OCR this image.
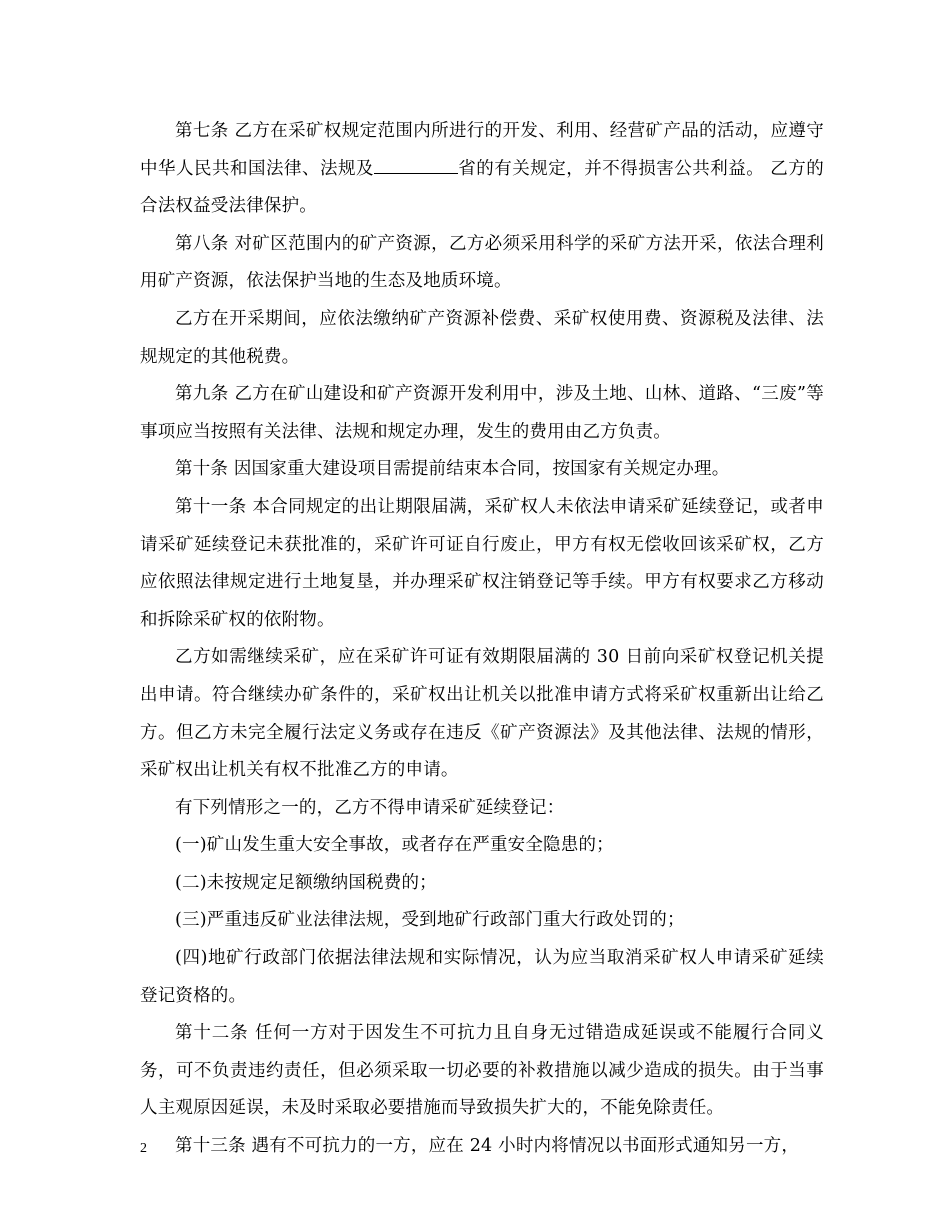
第七条 乙方在采矿权规定范围内所进行的开发、利用、经营矿产品的活动，应遵守中华人民共和国法律、法规及	省的有关规定，并不得损害公共利益。 乙方的合法权益受法律保护。

第八条 对矿区范围内的矿产资源，乙方必须采用科学的采矿方法开采，依法合理利用矿产资源，依法保护当地的生态及地质环境。

乙方在开采期间，应依法缴纳矿产资源补偿费、采矿权使用费、资源税及法律、法规规定的其他税费。

第九条 乙方在矿山建设和矿产资源开发利用中，涉及土地、山林、道路、“三废”等事项应当按照有关法律、法规和规定办理，发生的费用由乙方负责。

第十条 因国家重大建设项目需提前结束本合同，按国家有关规定办理。

第十一条 本合同规定的出让期限届满，采矿权人未依法申请采矿延续登记，或者申请采矿延续登记未获批准的，采矿许可证自行废止，甲方有权无偿收回该采矿权，乙方应依照法律规定进行土地复垦，并办理采矿权注销登记等手续。甲方有权要求乙方移动和拆除采矿权的依附物。

乙方如需继续采矿，应在采矿许可证有效期限届满的 30 日前向采矿权登记机关提出申请。符合继续办矿条件的，采矿权出让机关以批准申请方式将采矿权重新出让给乙方。但乙方未完全履行法定义务或存在违反《矿产资源法》及其他法律、法规的情形，采矿权出让机关有权不批准乙方的申请。

有下列情形之一的，乙方不得申请采矿延续登记：

(一)矿山发生重大安全事故，或者存在严重安全隐患的；

(二)未按规定足额缴纳国税费的；

(三)严重违反矿业法律法规，受到地矿行政部门重大行政处罚的；

(四)地矿行政部门依据法律法规和实际情况，认为应当取消采矿权人申请采矿延续登记资格的。

第十二条 任何一方对于因发生不可抗力且自身无过错造成延误或不能履行合同义务，可不负责违约责任，但必须采取一切必要的补救措施以减少造成的损失。由于当事人主观原因延误，未及时采取必要措施而导致损失扩大的，不能免除责任。

第十三条 遇有不可抗力的一方，应在 24 小时内将情况以书面形式通知另一方，

2
